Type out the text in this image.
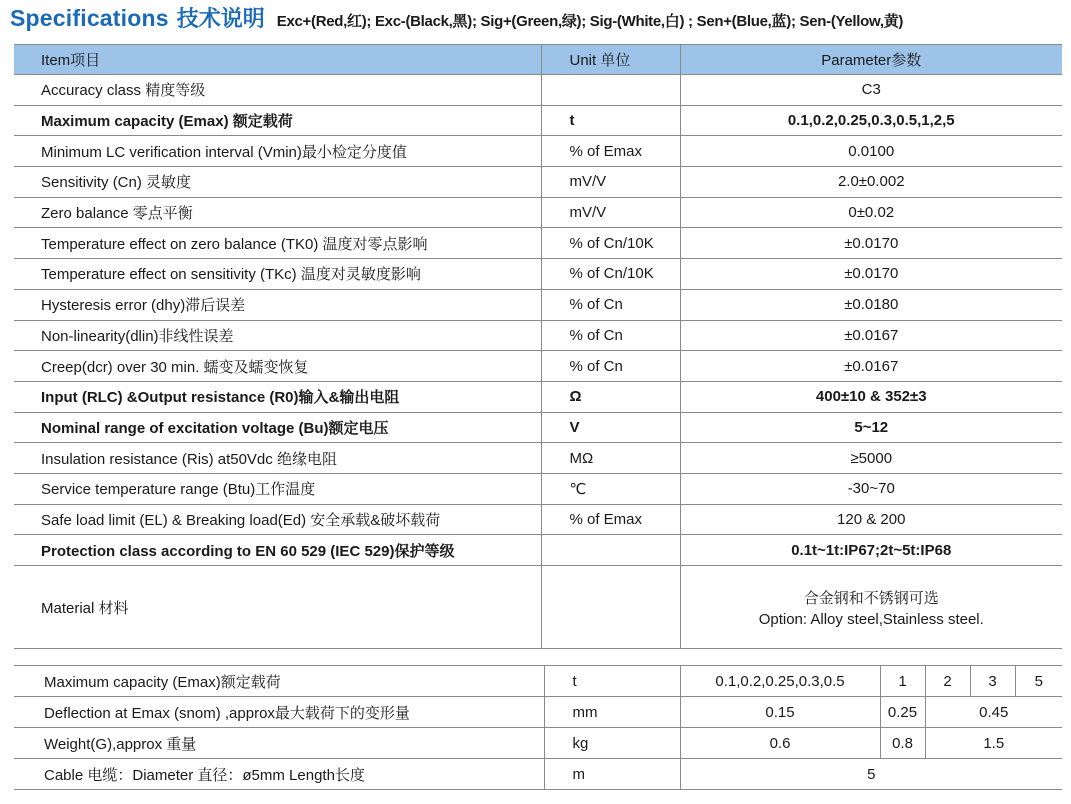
Specifications 技术说明 Exc+(Red,红); Exc-(Black,黑); Sig+(Green,绿); Sig-(White,白) ; Sen+(Blue,蓝); Sen-(Yellow,黄)
Item项目	Unit 单位	Parameter参数
Accuracy class 精度等级		C3
Maximum capacity (Emax) 额定载荷	t	0.1,0.2,0.25,0.3,0.5,1,2,5
Minimum LC verification interval (Vmin)最小检定分度值	% of Emax	0.0100
Sensitivity (Cn) 灵敏度	mV/V	2.0±0.002
Zero balance 零点平衡	mV/V	0±0.02
Temperature effect on zero balance (TK0) 温度对零点影响	% of Cn/10K	±0.0170
Temperature effect on sensitivity (TKc) 温度对灵敏度影响	% of Cn/10K	±0.0170
Hysteresis error (dhy)滞后误差	% of Cn	±0.0180
Non-linearity(dlin)非线性误差	% of Cn	±0.0167
Creep(dcr) over 30 min. 蠕变及蠕变恢复	% of Cn	±0.0167
Input (RLC) &Output resistance (R0)输入&输出电阻	Ω	400±10 & 352±3
Nominal range of excitation voltage (Bu)额定电压	V	5~12
Insulation resistance (Ris) at50Vdc 绝缘电阻	MΩ	≥5000
Service temperature range (Btu)工作温度	℃	-30~70
Safe load limit (EL) & Breaking load(Ed) 安全承载&破坏载荷	% of Emax	120 & 200
Protection class according to EN 60 529 (IEC 529)保护等级		0.1t~1t:IP67;2t~5t:IP68
Material 材料		合金钢和不锈钢可选
Option: Alloy steel,Stainless steel.
Maximum capacity (Emax)额定载荷	t	0.1,0.2,0.25,0.3,0.5	1	2	3	5
Deflection at Emax (snom) ,approx最大载荷下的变形量	mm	0.15	0.25	0.45		
Weight(G),approx 重量	kg	0.6	0.8	1.5		
Cable 电缆：Diameter 直径：ø5mm Length长度	m	5				
